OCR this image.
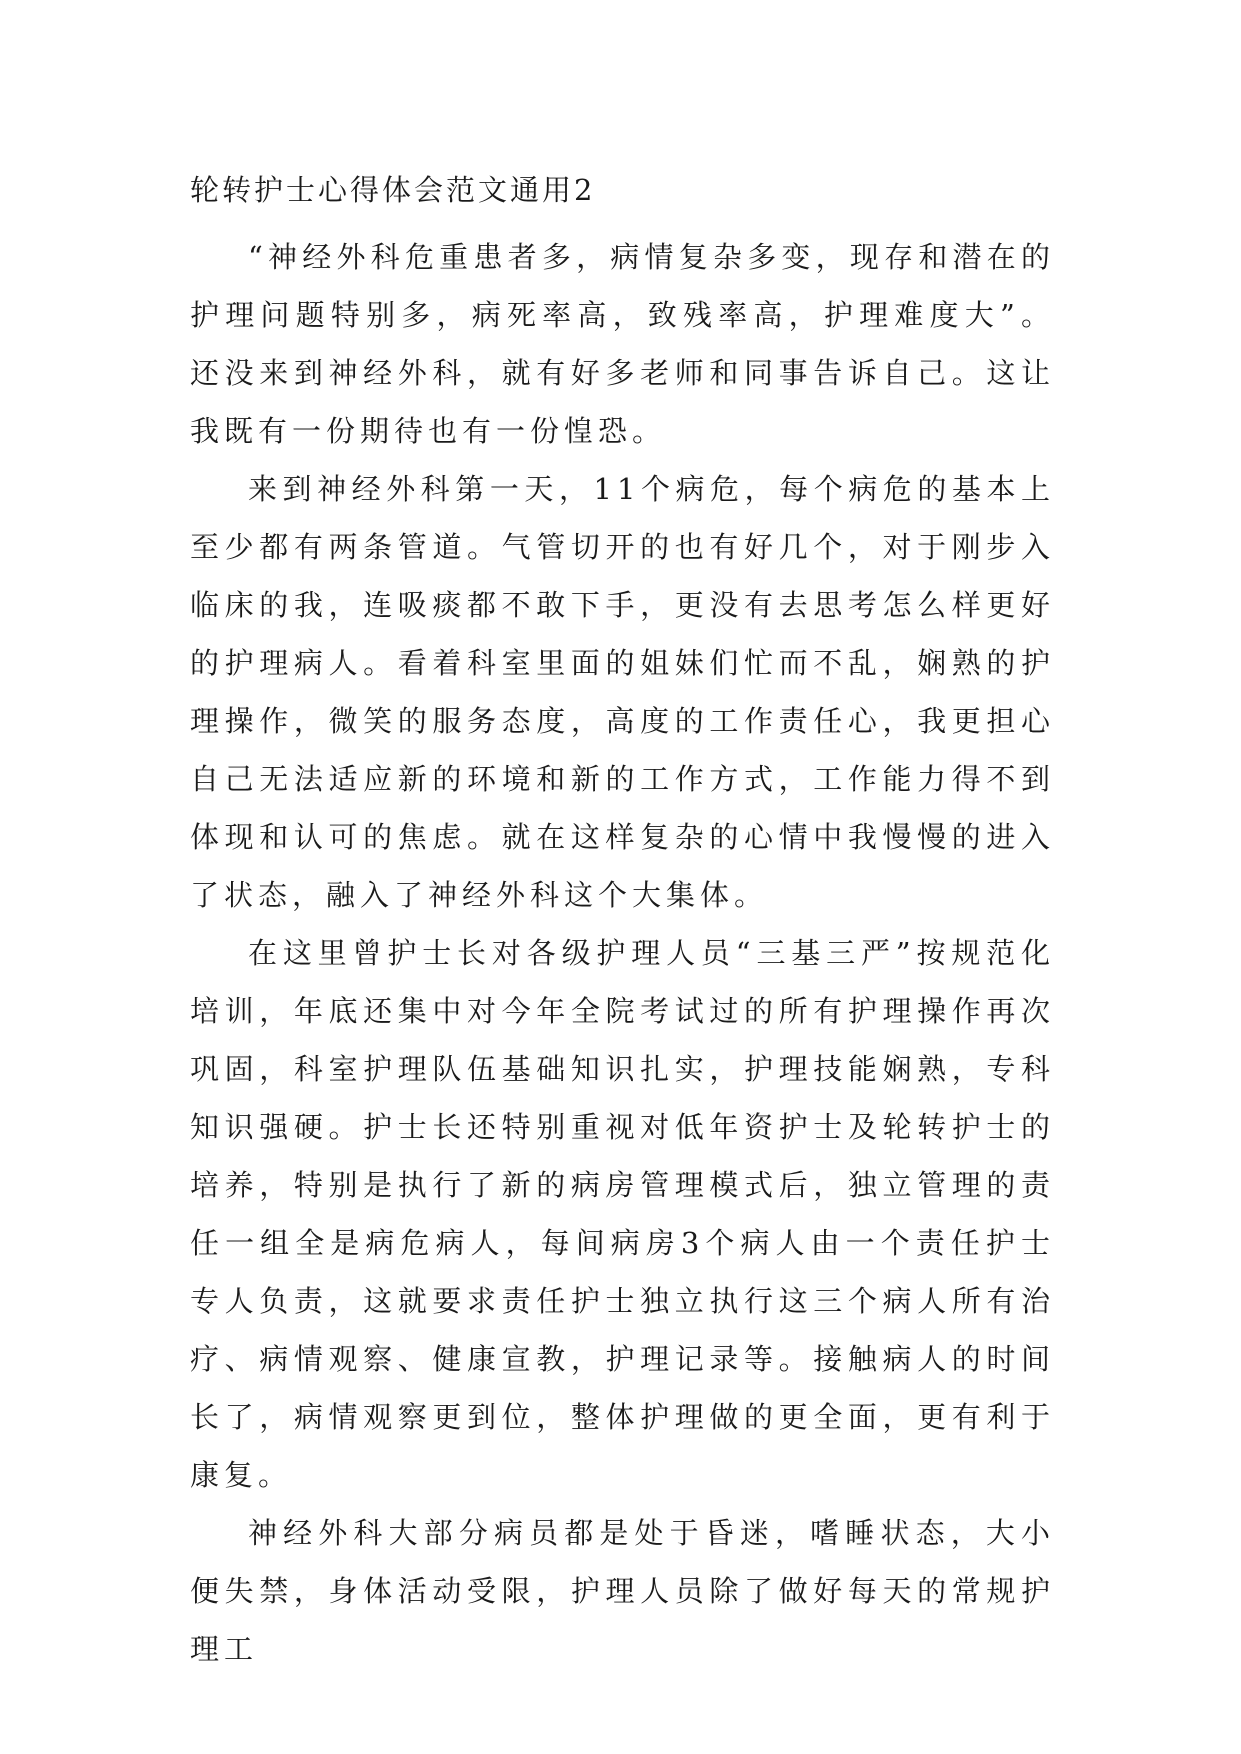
轮转护士心得体会范文通用2

“神经外科危重患者多，病情复杂多变，现存和潜在的护理问题特别多，病死率高，致残率高，护理难度大”。还没来到神经外科，就有好多老师和同事告诉自己。这让我既有一份期待也有一份惶恐。

来到神经外科第一天，11个病危，每个病危的基本上至少都有两条管道。气管切开的也有好几个，对于刚步入临床的我，连吸痰都不敢下手，更没有去思考怎么样更好的护理病人。看着科室里面的姐妹们忙而不乱，娴熟的护理操作，微笑的服务态度，高度的工作责任心，我更担心自己无法适应新的环境和新的工作方式，工作能力得不到体现和认可的焦虑。就在这样复杂的心情中我慢慢的进入了状态，融入了神经外科这个大集体。

在这里曾护士长对各级护理人员“三基三严”按规范化培训，年底还集中对今年全院考试过的所有护理操作再次巩固，科室护理队伍基础知识扎实，护理技能娴熟，专科知识强硬。护士长还特别重视对低年资护士及轮转护士的培养，特别是执行了新的病房管理模式后，独立管理的责任一组全是病危病人，每间病房3个病人由一个责任护士专人负责，这就要求责任护士独立执行这三个病人所有治疗、病情观察、健康宣教，护理记录等。接触病人的时间长了，病情观察更到位，整体护理做的更全面，更有利于康复。

神经外科大部分病员都是处于昏迷，嗜睡状态，大小便失禁，身体活动受限，护理人员除了做好每天的常规护理工
